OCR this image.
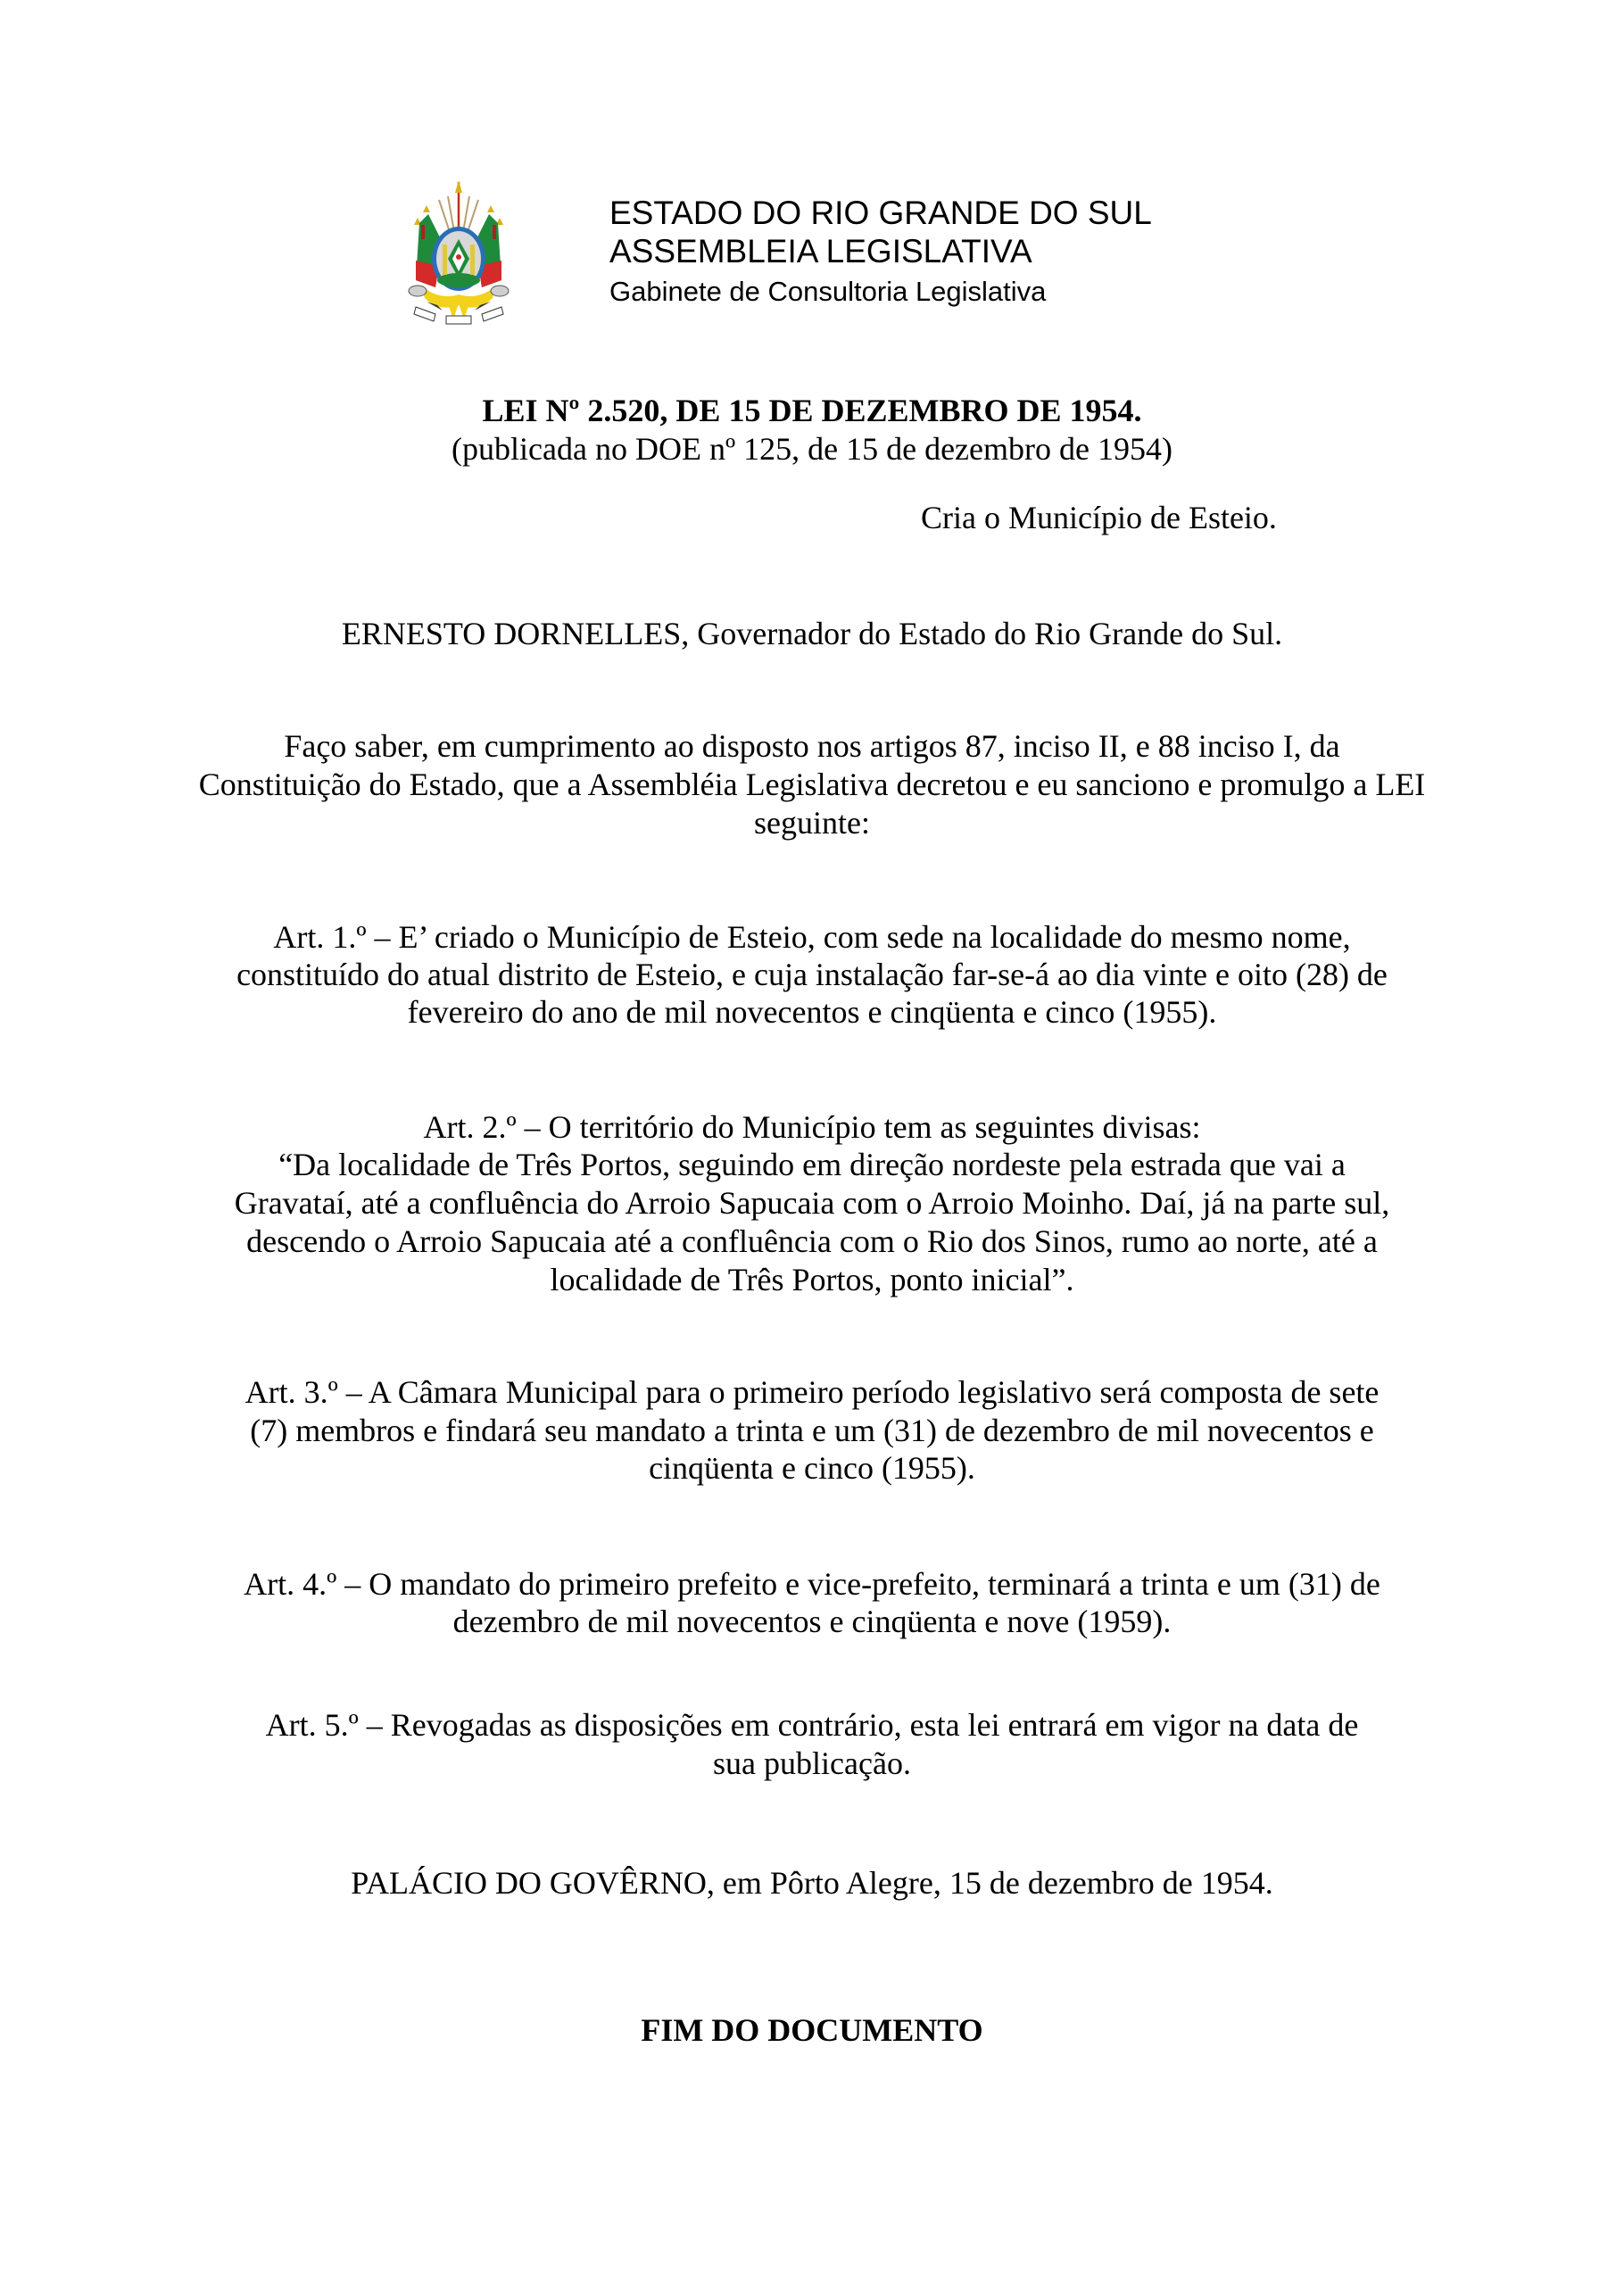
ESTADO DO RIO GRANDE DO SUL
ASSEMBLEIA LEGISLATIVA
Gabinete de Consultoria Legislativa
LEI Nº 2.520, DE 15 DE DEZEMBRO DE 1954.
(publicada no DOE nº 125, de 15 de dezembro de 1954)
Cria o Município de Esteio.
ERNESTO DORNELLES, Governador do Estado do Rio Grande do Sul.
Faço saber, em cumprimento ao disposto nos artigos 87, inciso II, e 88 inciso I, da
Constituição do Estado, que a Assembléia Legislativa decretou e eu sanciono e promulgo a LEI
seguinte:
Art. 1.º – E’ criado o Município de Esteio, com sede na localidade do mesmo nome,
constituído do atual distrito de Esteio, e cuja instalação far-se-á ao dia vinte e oito (28) de
fevereiro do ano de mil novecentos e cinqüenta e cinco (1955).
Art. 2.º – O território do Município tem as seguintes divisas:
“Da localidade de Três Portos, seguindo em direção nordeste pela estrada que vai a
Gravataí, até a confluência do Arroio Sapucaia com o Arroio Moinho. Daí, já na parte sul,
descendo o Arroio Sapucaia até a confluência com o Rio dos Sinos, rumo ao norte, até a
localidade de Três Portos, ponto inicial”.
Art. 3.º – A Câmara Municipal para o primeiro período legislativo será composta de sete
(7) membros e findará seu mandato a trinta e um (31) de dezembro de mil novecentos e
cinqüenta e cinco (1955).
Art. 4.º – O mandato do primeiro prefeito e vice-prefeito, terminará a trinta e um (31) de
dezembro de mil novecentos e cinqüenta e nove (1959).
Art. 5.º – Revogadas as disposições em contrário, esta lei entrará em vigor na data de
sua publicação.
PALÁCIO DO GOVÊRNO, em Pôrto Alegre, 15 de dezembro de 1954.
FIM DO DOCUMENTO
